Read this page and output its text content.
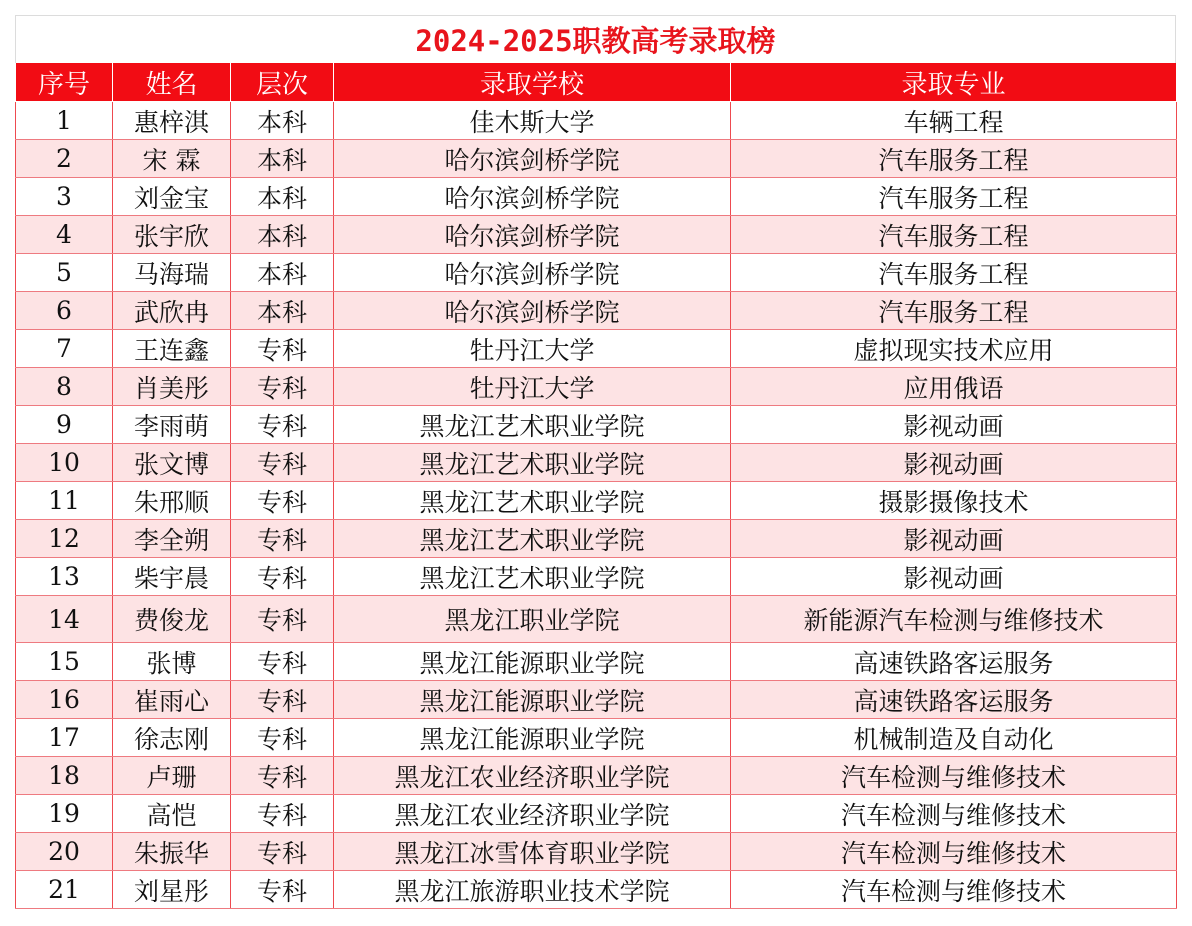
2024-2025职教高考录取榜
序号	姓名	层次	录取学校	录取专业
1	惠梓淇	本科	佳木斯大学	车辆工程
2	宋 霖	本科	哈尔滨剑桥学院	汽车服务工程
3	刘金宝	本科	哈尔滨剑桥学院	汽车服务工程
4	张宇欣	本科	哈尔滨剑桥学院	汽车服务工程
5	马海瑞	本科	哈尔滨剑桥学院	汽车服务工程
6	武欣冉	本科	哈尔滨剑桥学院	汽车服务工程
7	王连鑫	专科	牡丹江大学	虚拟现实技术应用
8	肖美彤	专科	牡丹江大学	应用俄语
9	李雨萌	专科	黑龙江艺术职业学院	影视动画
10	张文博	专科	黑龙江艺术职业学院	影视动画
11	朱邢顺	专科	黑龙江艺术职业学院	摄影摄像技术
12	李全朔	专科	黑龙江艺术职业学院	影视动画
13	柴宇晨	专科	黑龙江艺术职业学院	影视动画
14	费俊龙	专科	黑龙江职业学院	新能源汽车检测与维修技术
15	张博	专科	黑龙江能源职业学院	高速铁路客运服务
16	崔雨心	专科	黑龙江能源职业学院	高速铁路客运服务
17	徐志刚	专科	黑龙江能源职业学院	机械制造及自动化
18	卢珊	专科	黑龙江农业经济职业学院	汽车检测与维修技术
19	高恺	专科	黑龙江农业经济职业学院	汽车检测与维修技术
20	朱振华	专科	黑龙江冰雪体育职业学院	汽车检测与维修技术
21	刘星彤	专科	黑龙江旅游职业技术学院	汽车检测与维修技术
